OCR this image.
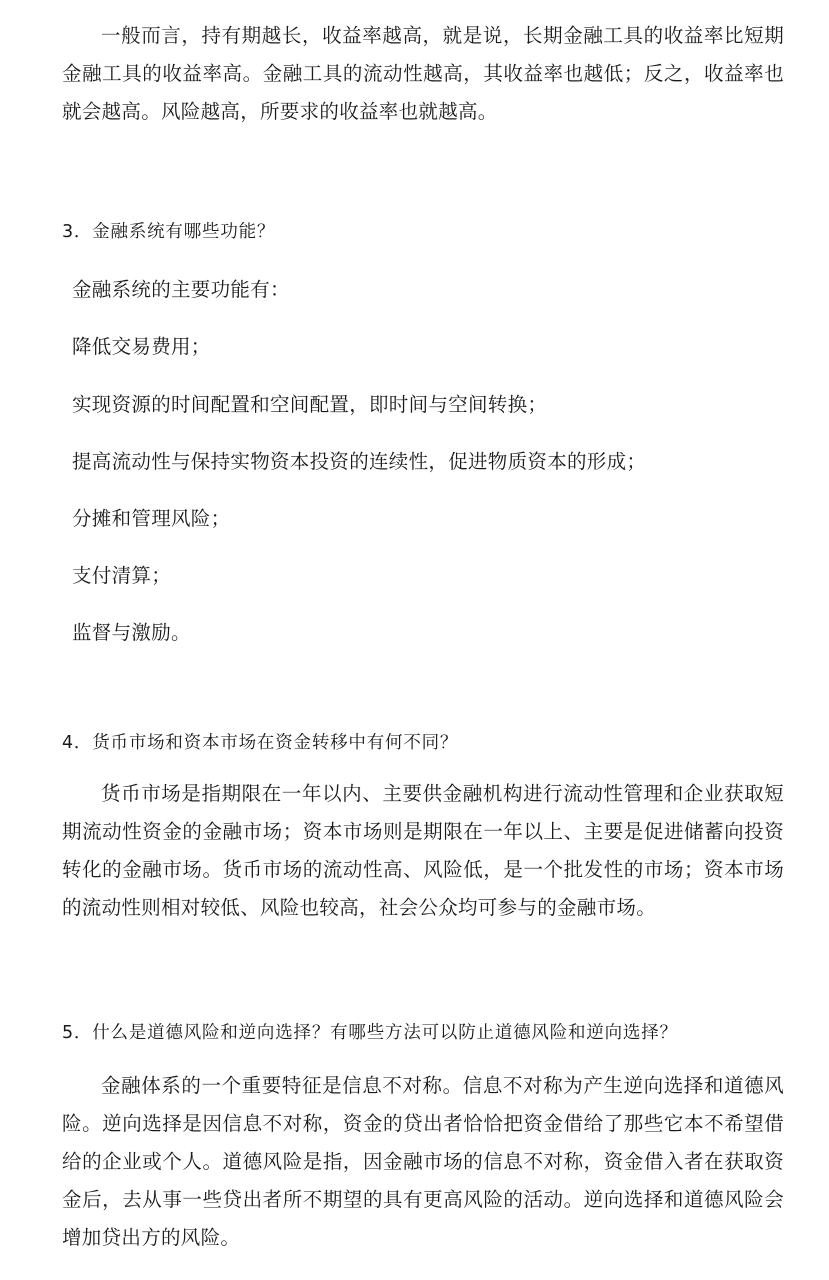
一般而言，持有期越长，收益率越高，就是说，长期金融工具的收益率比短期金融工具的收益率高。金融工具的流动性越高，其收益率也越低；反之，收益率也就会越高。风险越高，所要求的收益率也就越高。

3．金融系统有哪些功能？

金融系统的主要功能有：

降低交易费用；

实现资源的时间配置和空间配置，即时间与空间转换；

提高流动性与保持实物资本投资的连续性，促进物质资本的形成；

分摊和管理风险；

支付清算；

监督与激励。

4．货币市场和资本市场在资金转移中有何不同？

货币市场是指期限在一年以内、主要供金融机构进行流动性管理和企业获取短期流动性资金的金融市场；资本市场则是期限在一年以上、主要是促进储蓄向投资转化的金融市场。货币市场的流动性高、风险低，是一个批发性的市场；资本市场的流动性则相对较低、风险也较高，社会公众均可参与的金融市场。

5．什么是道德风险和逆向选择？有哪些方法可以防止道德风险和逆向选择？

金融体系的一个重要特征是信息不对称。信息不对称为产生逆向选择和道德风险。逆向选择是因信息不对称，资金的贷出者恰恰把资金借给了那些它本不希望借给的企业或个人。道德风险是指，因金融市场的信息不对称，资金借入者在获取资金后，去从事一些贷出者所不期望的具有更高风险的活动。逆向选择和道德风险会增加贷出方的风险。
